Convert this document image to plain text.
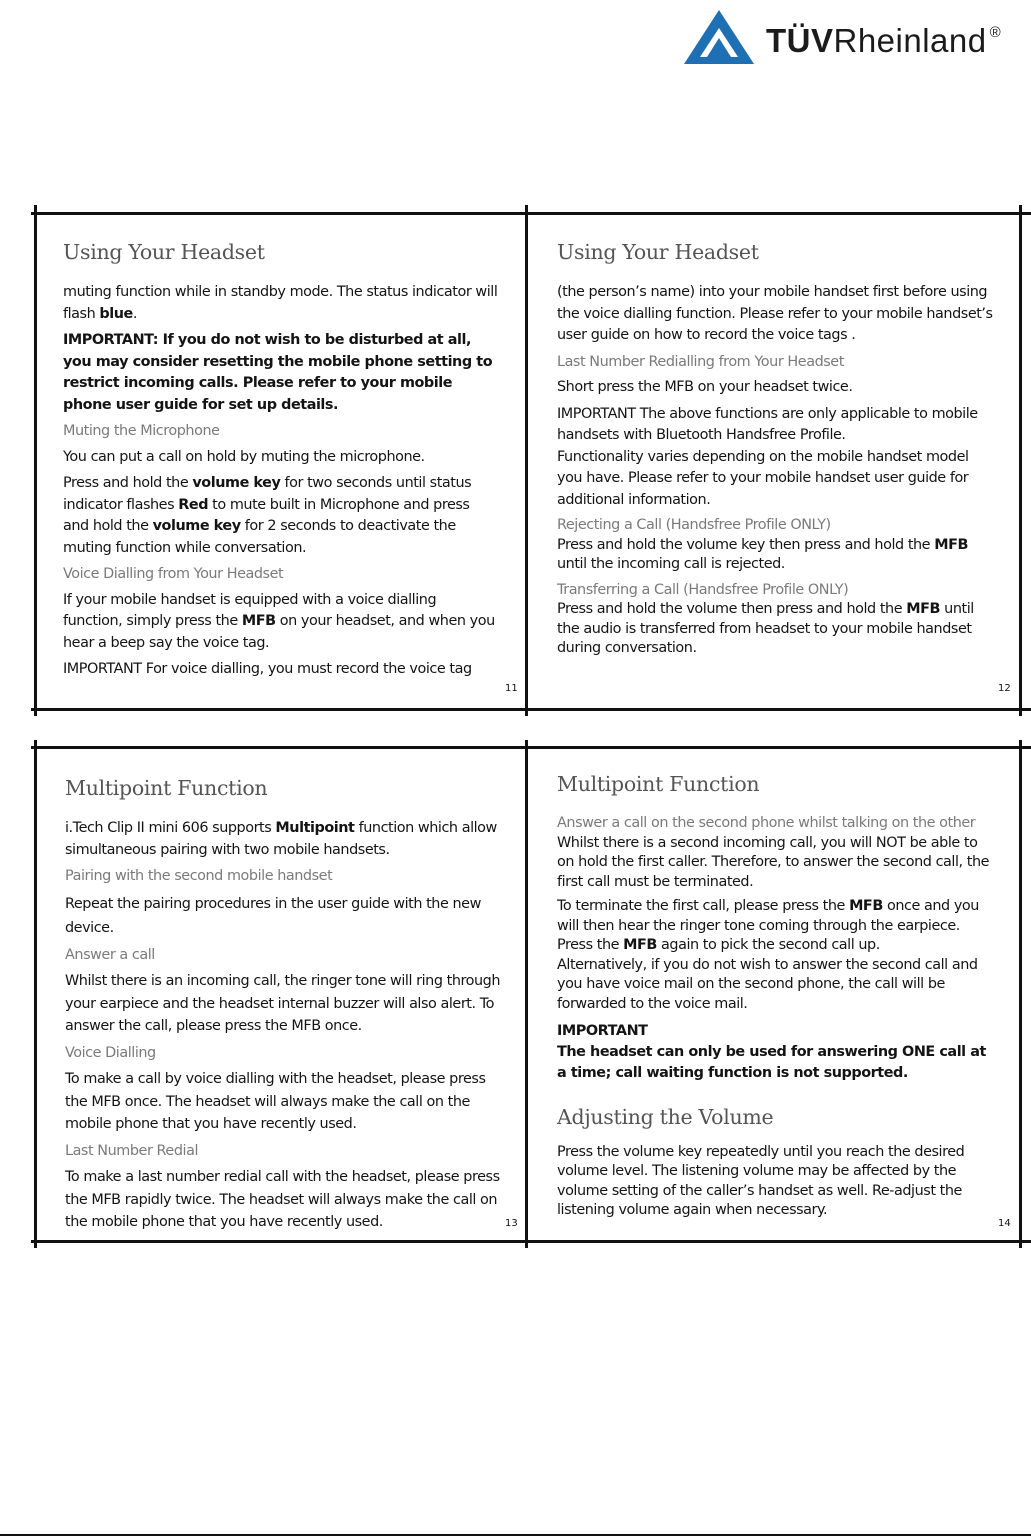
TÜVRheinland ®
Using Your Headset

muting function while in standby mode. The status indicator will flash blue.

IMPORTANT: If you do not wish to be disturbed at all, you may consider resetting the mobile phone setting to restrict incoming calls. Please refer to your mobile phone user guide for set up details.

Muting the Microphone

You can put a call on hold by muting the microphone.

Press and hold the volume key for two seconds until status indicator flashes Red to mute built in Microphone and press and hold the volume key for 2 seconds to deactivate the muting function while conversation.

Voice Dialling from Your Headset

If your mobile handset is equipped with a voice dialling function, simply press the MFB on your headset, and when you hear a beep say the voice tag.

IMPORTANT For voice dialling, you must record the voice tag

11
Using Your Headset

(the person’s name) into your mobile handset first before using the voice dialling function. Please refer to your mobile handset’s user guide on how to record the voice tags .

Last Number Redialling from Your Headset

Short press the MFB on your headset twice.

IMPORTANT The above functions are only applicable to mobile handsets with Bluetooth Handsfree Profile.

Functionality varies depending on the mobile handset model you have. Please refer to your mobile handset user guide for additional information.

Rejecting a Call (Handsfree Profile ONLY)

Press and hold the volume key then press and hold the MFB until the incoming call is rejected.

Transferring a Call (Handsfree Profile ONLY)

Press and hold the volume then press and hold the MFB until the audio is transferred from headset to your mobile handset during conversation.

12
Multipoint Function

i.Tech Clip II mini 606 supports Multipoint function which allow simultaneous pairing with two mobile handsets.

Pairing with the second mobile handset

Repeat the pairing procedures in the user guide with the new device.

Answer a call

Whilst there is an incoming call, the ringer tone will ring through your earpiece and the headset internal buzzer will also alert. To answer the call, please press the MFB once.

Voice Dialling

To make a call by voice dialling with the headset, please press the MFB once. The headset will always make the call on the mobile phone that you have recently used.

Last Number Redial

To make a last number redial call with the headset, please press the MFB rapidly twice. The headset will always make the call on the mobile phone that you have recently used.	13
Multipoint Function

Answer a call on the second phone whilst talking on the other

Whilst there is a second incoming call, you will NOT be able to on hold the first caller. Therefore, to answer the second call, the first call must be terminated.

To terminate the first call, please press the MFB once and you will then hear the ringer tone coming through the earpiece. Press the MFB again to pick the second call up.

Alternatively, if you do not wish to answer the second call and you have voice mail on the second phone, the call will be forwarded to the voice mail.

IMPORTANT

The headset can only be used for answering ONE call at a time; call waiting function is not supported.

Adjusting the Volume

Press the volume key repeatedly until you reach the desired volume level. The listening volume may be affected by the volume setting of the caller’s handset as well. Re-adjust the listening volume again when necessary.

14
